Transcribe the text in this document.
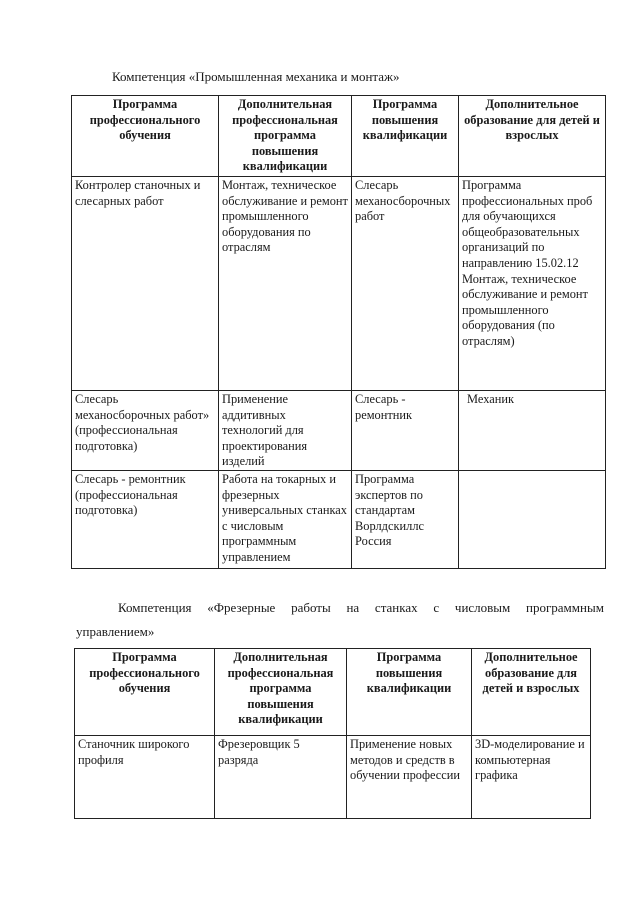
Компетенция «Промышленная механика и монтаж»
Программа профессионального обучения	Дополнительная профессиональная программа повышения квалификации	Программа повышения квалификации	Дополнительное образование для детей и взрослых
Контролер станочных и слесарных работ	Монтаж, техническое обслуживание и ремонт промышленного оборудования по отраслям	Слесарь механосборочных работ	Программа профессиональных проб для обучающихся общеобразовательных организаций по направлению 15.02.12 Монтаж, техническое обслуживание и ремонт промышленного оборудования (по отраслям)
Слесарь механосборочных работ» (профессиональная подготовка)	Применение аддитивных технологий для проектирования изделий	Слесарь - ремонтник	Механик
Слесарь - ремонтник (профессиональная подготовка)	Работа на токарных и фрезерных универсальных станках с числовым программным управлением	Программа экспертов по стандартам Ворлдскиллс Россия	
Компетенция «Фрезерные работы на станках с числовым программным
управлением»
Программа профессионального обучения	Дополнительная профессиональная программа повышения квалификации	Программа повышения квалификации	Дополнительное образование для детей и взрослых
Станочник широкого профиля	Фрезеровщик 5 разряда	Применение новых методов и средств в обучении профессии	3D-моделирование и компьютерная графика
